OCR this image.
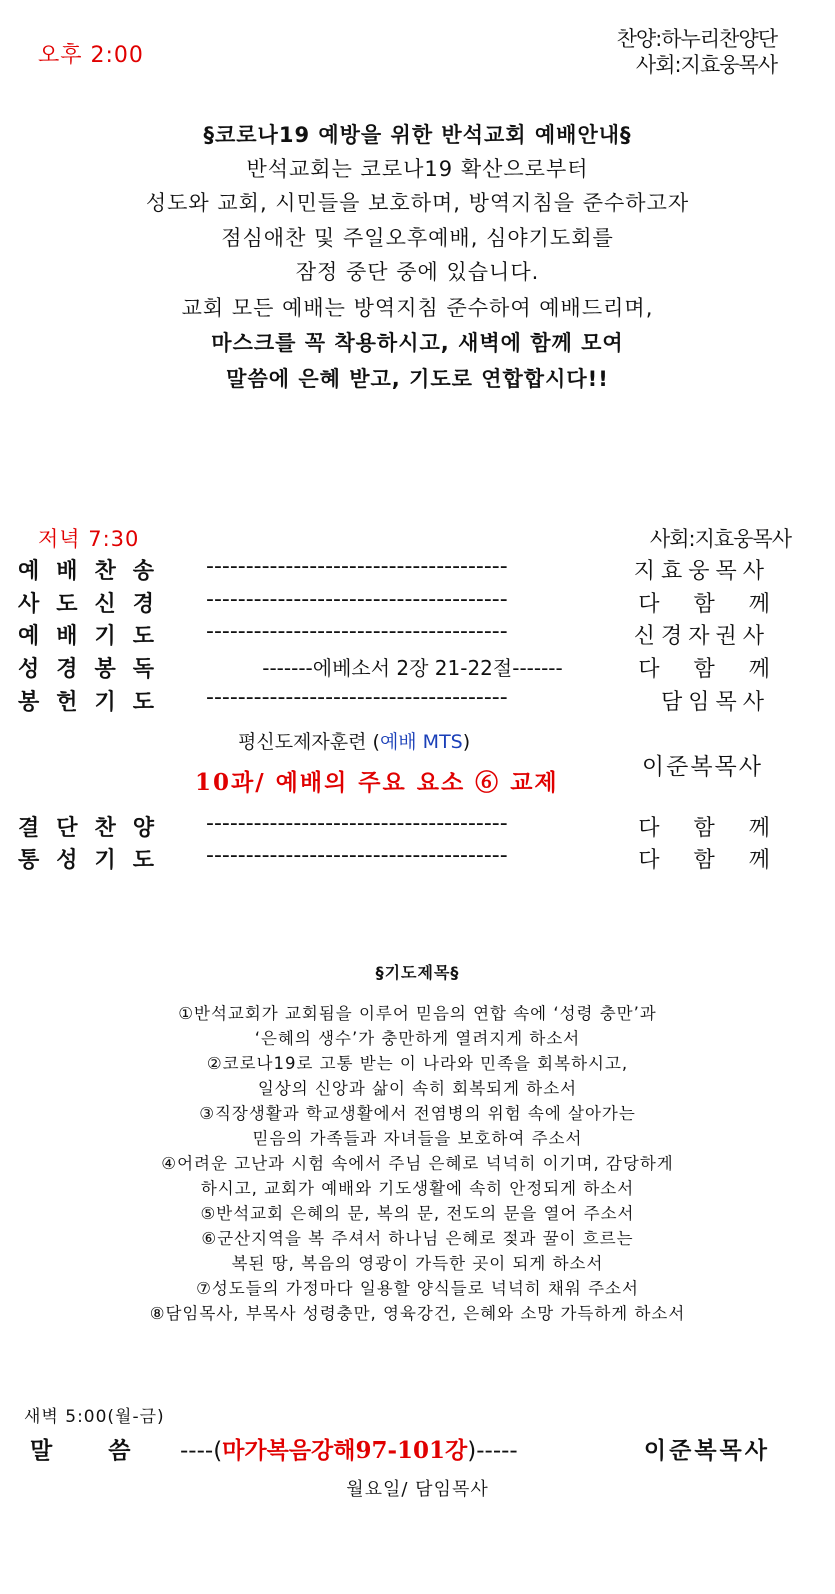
오후 2:00
찬양:하누리찬양단
사회:지효웅목사
§코로나19 예방을 위한 반석교회 예배안내§
반석교회는 코로나19 확산으로부터
성도와 교회, 시민들을 보호하며, 방역지침을 준수하고자
점심애찬 및 주일오후예배, 심야기도회를
잠정 중단 중에 있습니다.
교회 모든 예배는 방역지침 준수하여 예배드리며,
마스크를 꼭 착용하시고, 새벽에 함께 모여
말씀에 은혜 받고, 기도로 연합합시다!!
저녁 7:30	사회:지효웅목사
예배찬송 --------------------------------------	지효웅목사
사도신경 --------------------------------------	다함께
예배기도 --------------------------------------	신경자권사
성경봉독	-------에베소서 2장 21-22절-------	다함께
봉헌기도 --------------------------------------	담임목사
평신도제자훈련 (예배 MTS)
10과/ 예배의 주요 요소 ⑥ 교제
이준복목사
결단찬양 --------------------------------------	다함께
통성기도 --------------------------------------	다함께
§기도제목§
①반석교회가 교회됨을 이루어 믿음의 연합 속에 ‘성령 충만’과
‘은혜의 생수’가 충만하게 열려지게 하소서
②코로나19로 고통 받는 이 나라와 민족을 회복하시고,
일상의 신앙과 삶이 속히 회복되게 하소서
③직장생활과 학교생활에서 전염병의 위험 속에 살아가는
믿음의 가족들과 자녀들을 보호하여 주소서
④어려운 고난과 시험 속에서 주님 은혜로 넉넉히 이기며, 감당하게
하시고, 교회가 예배와 기도생활에 속히 안정되게 하소서
⑤반석교회 은혜의 문, 복의 문, 전도의 문을 열어 주소서
⑥군산지역을 복 주셔서 하나님 은혜로 젖과 꿀이 흐르는
복된 땅, 복음의 영광이 가득한 곳이 되게 하소서
⑦성도들의 가정마다 일용할 양식들로 넉넉히 채워 주소서
⑧담임목사, 부목사 성령충만, 영육강건, 은혜와 소망 가득하게 하소서
새벽 5:00(월-금)
말씀
----(마가복음강해97-101강)-----	이준복목사
월요일/ 담임목사
